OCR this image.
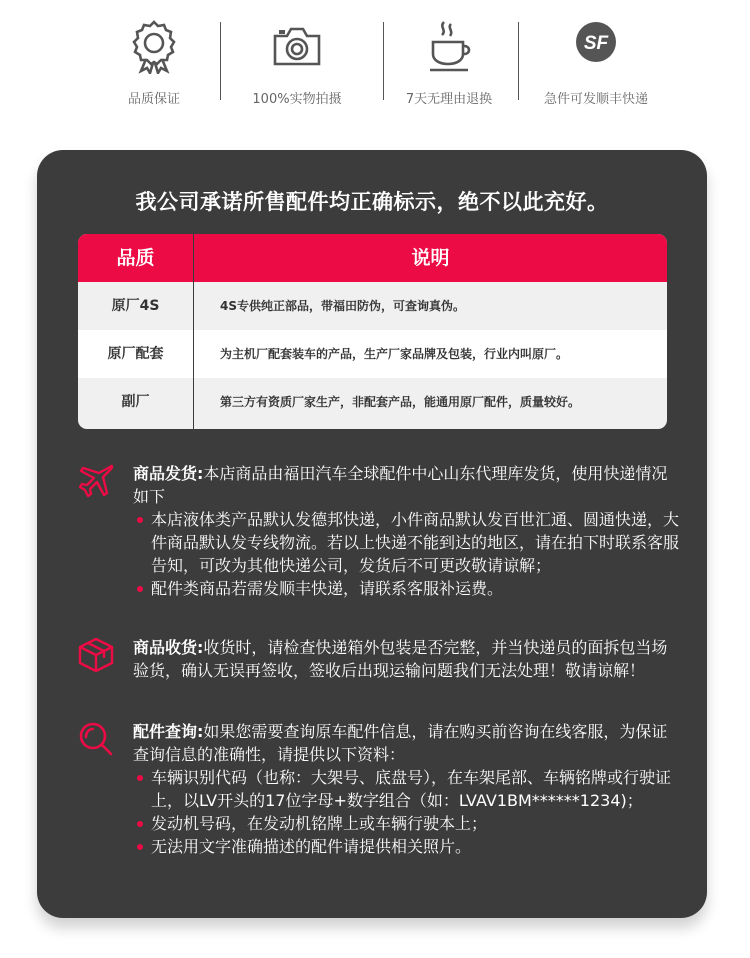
品质保证	100%实物拍摄	7天无理由退换
SF
急件可发顺丰快递
我公司承诺所售配件均正确标示，绝不以此充好。
品质	说明
原厂4S	4S专供纯正部品，带福田防伪，可查询真伪。
原厂配套	为主机厂配套装车的产品，生产厂家品牌及包装，行业内叫原厂。
副厂	第三方有资质厂家生产，非配套产品，能通用原厂配件，质量较好。
商品发货:本店商品由福田汽车全球配件中心山东代理库发货，使用快递情况如下
本店液体类产品默认发德邦快递，小件商品默认发百世汇通、圆通快递，大件商品默认发专线物流。若以上快递不能到达的地区，请在拍下时联系客服告知，可改为其他快递公司，发货后不可更改敬请谅解；
配件类商品若需发顺丰快递，请联系客服补运费。
商品收货:收货时，请检查快递箱外包装是否完整，并当快递员的面拆包当场验货，确认无误再签收，签收后出现运输问题我们无法处理！敬请谅解！
配件查询:如果您需要查询原车配件信息，请在购买前咨询在线客服，为保证查询信息的准确性，请提供以下资料：
车辆识别代码（也称：大架号、底盘号），在车架尾部、车辆铭牌或行驶证上，以LV开头的17位字母+数字组合（如：LVAV1BM******1234)；
发动机号码，在发动机铭牌上或车辆行驶本上；
无法用文字准确描述的配件请提供相关照片。
